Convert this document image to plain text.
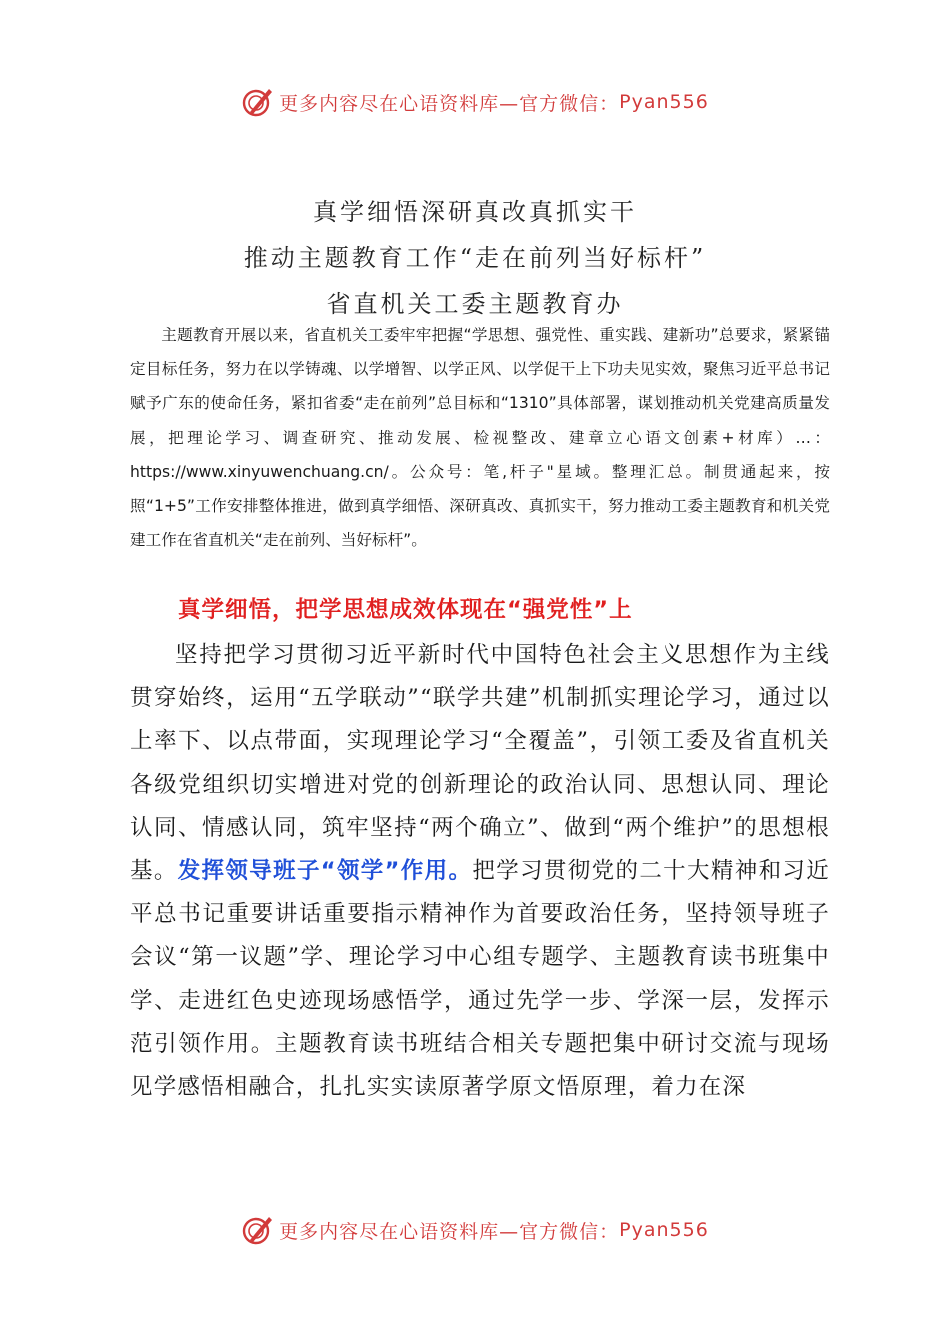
更多内容尽在心语资料库—官方微信： Pyan556
真学细悟深研真改真抓实干
推动主题教育工作“走在前列当好标杆”
省直机关工委主题教育办
主题教育开展以来，省直机关工委牢牢把握“学思想、强党性、重实践、建新功”总要求，紧紧锚定目标任务，努力在以学铸魂、以学增智、以学正风、以学促干上下功夫见实效，聚焦习近平总书记赋予广东的使命任务，紧扣省委“走在前列”总目标和“1310”具体部署，谋划推动机关党建高质量发展，把理论学习、调查研究、推动发展、检视整改、建章立心语文创素+材库）…：https://www.xinyuwenchuang.cn/。公众号：笔,杆子"星域。整理汇总。制贯通起来，按照“1+5”工作安排整体推进，做到真学细悟、深研真改、真抓实干，努力推动工委主题教育和机关党建工作在省直机关“走在前列、当好标杆”。
真学细悟，把学思想成效体现在“强党性”上
坚持把学习贯彻习近平新时代中国特色社会主义思想作为主线贯穿始终，运用“五学联动”“联学共建”机制抓实理论学习，通过以上率下、以点带面，实现理论学习“全覆盖”，引领工委及省直机关各级党组织切实增进对党的创新理论的政治认同、思想认同、理论认同、情感认同，筑牢坚持“两个确立”、做到“两个维护”的思想根基。发挥领导班子“领学”作用。把学习贯彻党的二十大精神和习近平总书记重要讲话重要指示精神作为首要政治任务，坚持领导班子会议“第一议题”学、理论学习中心组专题学、主题教育读书班集中学、走进红色史迹现场感悟学，通过先学一步、学深一层，发挥示范引领作用。主题教育读书班结合相关专题把集中研讨交流与现场见学感悟相融合，扎扎实实读原著学原文悟原理，着力在深
更多内容尽在心语资料库—官方微信： Pyan556
